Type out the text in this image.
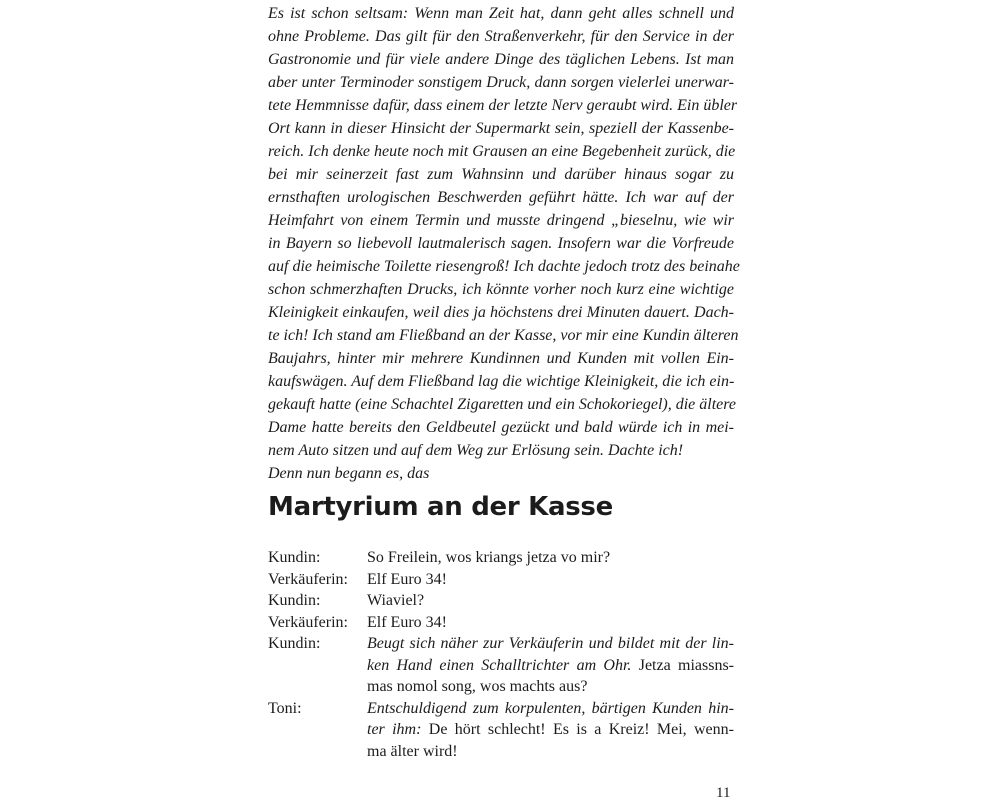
Es ist schon seltsam: Wenn man Zeit hat, dann geht alles schnell und
ohne Probleme. Das gilt für den Straßenverkehr, für den Service in der
Gastronomie und für viele andere Dinge des täglichen Lebens. Ist man
aber unter Terminoder sonstigem Druck, dann sorgen vielerlei unerwar-
tete Hemmnisse dafür, dass einem der letzte Nerv geraubt wird. Ein übler
Ort kann in dieser Hinsicht der Supermarkt sein, speziell der Kassenbe-
reich. Ich denke heute noch mit Grausen an eine Begebenheit zurück, die
bei mir seinerzeit fast zum Wahnsinn und darüber hinaus sogar zu
ernsthaften urologischen Beschwerden geführt hätte. Ich war auf der
Heimfahrt von einem Termin und musste dringend „bieselnu, wie wir
in Bayern so liebevoll lautmalerisch sagen. Insofern war die Vorfreude
auf die heimische Toilette riesengroß! Ich dachte jedoch trotz des beinahe
schon schmerzhaften Drucks, ich könnte vorher noch kurz eine wichtige
Kleinigkeit einkaufen, weil dies ja höchstens drei Minuten dauert. Dach-
te ich! Ich stand am Fließband an der Kasse, vor mir eine Kundin älteren
Baujahrs, hinter mir mehrere Kundinnen und Kunden mit vollen Ein-
kaufswägen. Auf dem Fließband lag die wichtige Kleinigkeit, die ich ein-
gekauft hatte (eine Schachtel Zigaretten und ein Schokoriegel), die ältere
Dame hatte bereits den Geldbeutel gezückt und bald würde ich in mei-
nem Auto sitzen und auf dem Weg zur Erlösung sein. Dachte ich!
Denn nun begann es, das
Martyrium an der Kasse
Kundin:	So Freilein, wos kriangs jetza vo mir?
Verkäuferin:	Elf Euro 34!
Kundin:	Wiaviel?
Verkäuferin:	Elf Euro 34!
Kundin:	Beugt sich näher zur Verkäuferin und bildet mit der lin-
ken Hand einen Schalltrichter am Ohr. Jetza miassns-
mas nomol song, wos machts aus?
Toni:	Entschuldigend zum korpulenten, bärtigen Kunden hin-
ter ihm: De hört schlecht! Es is a Kreiz! Mei, wenn-
ma älter wird!
11
